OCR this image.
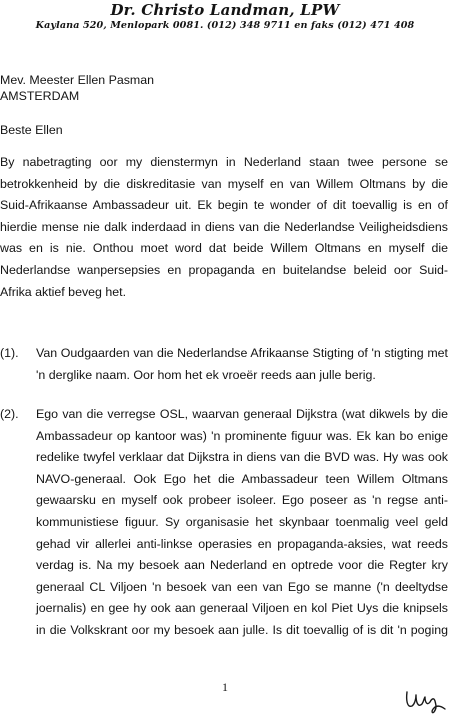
Dr. Christo Landman, LPW
Kaylana 520, Menlopark 0081. (012) 348 9711 en faks (012) 471 408
Mev. Meester Ellen Pasman
AMSTERDAM
Beste Ellen
By nabetragting oor my dienstermyn in Nederland staan twee persone se
betrokkenheid by die diskreditasie van myself en van Willem Oltmans by die
Suid-Afrikaanse Ambassadeur uit. Ek begin te wonder of dit toevallig is en of
hierdie mense nie dalk inderdaad in diens van die Nederlandse Veiligheidsdiens
was en is nie. Onthou moet word dat beide Willem Oltmans en myself die
Nederlandse wanpersepsies en propaganda en buitelandse beleid oor Suid-
Afrika aktief beveg het.
(1). Van Oudgaarden van die Nederlandse Afrikaanse Stigting of 'n stigting met
'n derglike naam. Oor hom het ek vroeër reeds aan julle berig.
(2). Ego van die verregse OSL, waarvan generaal Dijkstra (wat dikwels by die
Ambassadeur op kantoor was) 'n prominente figuur was. Ek kan bo enige
redelike twyfel verklaar dat Dijkstra in diens van die BVD was. Hy was ook
NAVO-generaal. Ook Ego het die Ambassadeur teen Willem Oltmans
gewaarsku en myself ook probeer isoleer. Ego poseer as 'n regse anti-
kommunistiese figuur. Sy organisasie het skynbaar toenmalig veel geld
gehad vir allerlei anti-linkse operasies en propaganda-aksies, wat reeds
verdag is. Na my besoek aan Nederland en optrede voor die Regter kry
generaal CL Viljoen 'n besoek van een van Ego se manne ('n deeltydse
joernalis) en gee hy ook aan generaal Viljoen en kol Piet Uys die knipsels
in die Volkskrant oor my besoek aan julle. Is dit toevallig of is dit 'n poging
1
